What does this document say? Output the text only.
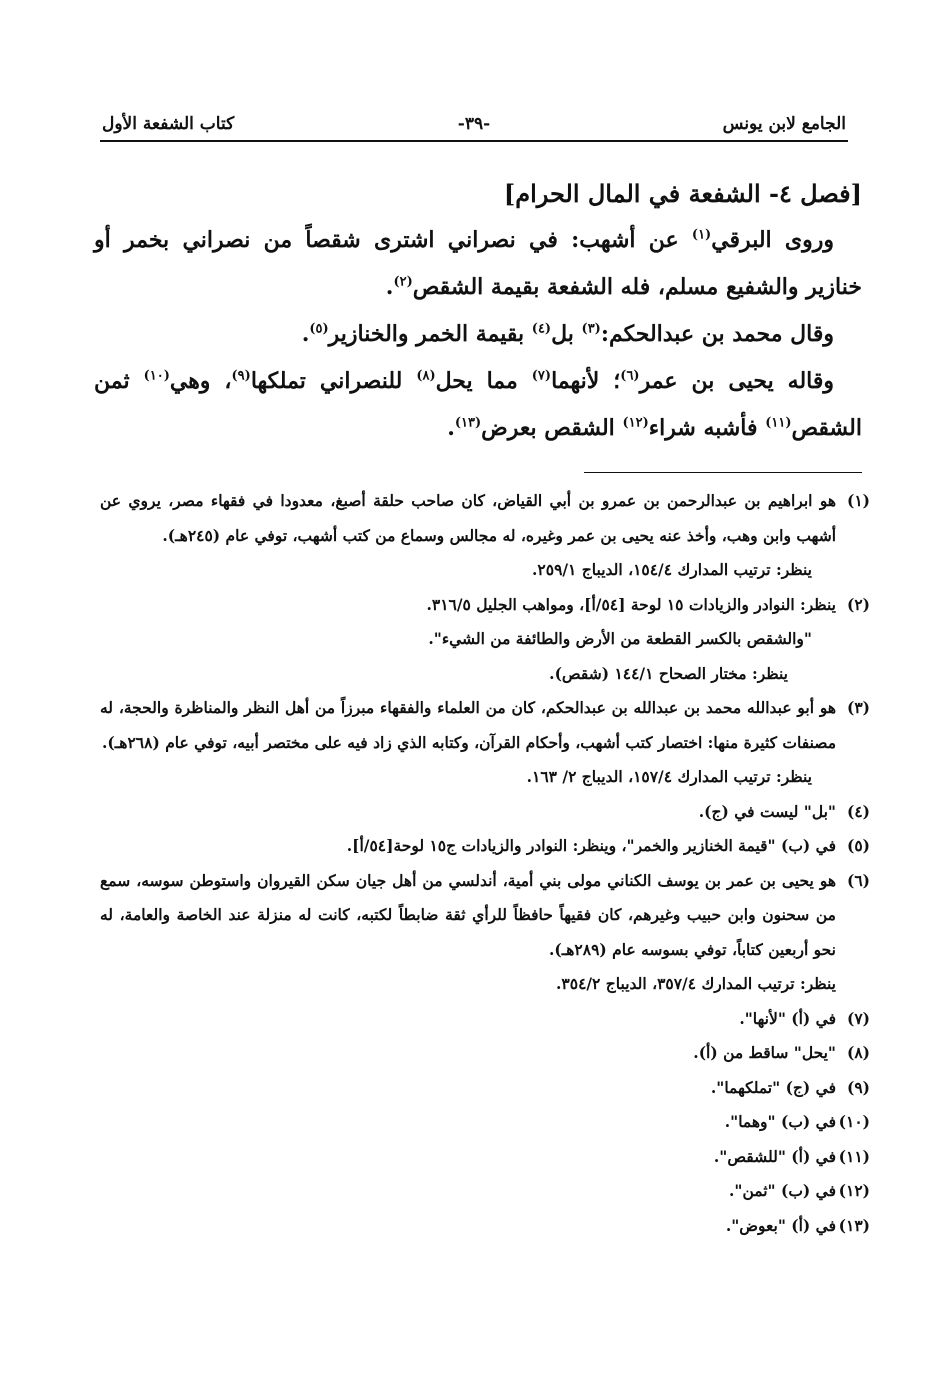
الجامع لابن يونس
-٣٩-
كتاب الشفعة الأول

[فصل ٤- الشفعة في المال الحرام]

وروى البرقي$^{(١)}$ عن أشهب: في نصراني اشترى شقصاً من نصراني بخمر أو خنازير والشفيع مسلم، فله الشفعة بقيمة الشقص$^{(٢)}$.

وقال محمد بن عبدالحكم:$^{(٣)}$ بل$^{(٤)}$ بقيمة الخمر والخنازير$^{(٥)}$.

وقاله يحيى بن عمر$^{(٦)}$؛ لأنهما$^{(٧)}$ مما يحل$^{(٨)}$ للنصراني تملكها$^{(٩)}$، وهي$^{(١٠)}$ ثمن الشقص$^{(١١)}$ فأشبه شراء$^{(١٢)}$ الشقص بعرض$^{(١٣)}$.

(١)
هو ابراهيم بن عبدالرحمن بن عمرو بن أبي القياض، كان صاحب حلقة أصبغ، معدودا في فقهاء مصر، يروي عن أشهب وابن وهب، وأخذ عنه يحيى بن عمر وغيره، له مجالس وسماع من كتب أشهب، توفي عام (٢٤٥هـ).
ينظر: ترتيب المدارك ١٥٤/٤، الديباج ٢٥٩/١.

(٢)
ينظر: النوادر والزيادات ١٥ لوحة [٥٤/أ]، ومواهب الجليل ٣١٦/٥.
"والشقص بالكسر القطعة من الأرض والطائفة من الشيء".
ينظر: مختار الصحاح ١٤٤/١ (شقص).

(٣)
هو أبو عبدالله محمد بن عبدالله بن عبدالحكم، كان من العلماء والفقهاء مبرزاً من أهل النظر والمناظرة والحجة، له مصنفات كثيرة منها: اختصار كتب أشهب، وأحكام القرآن، وكتابه الذي زاد فيه على مختصر أبيه، توفي عام (٢٦٨هـ).
ينظر: ترتيب المدارك ١٥٧/٤، الديباج ٢/ ١٦٣.

(٤)
"بل" ليست في (ج).

(٥)
في (ب) "قيمة الخنازير والخمر"، وينظر: النوادر والزيادات ج١٥ لوحة[٥٤/أ].

(٦)
هو يحيى بن عمر بن يوسف الكناني مولى بني أمية، أندلسي من أهل جيان سكن القيروان واستوطن سوسه، سمع من سحنون وابن حبيب وغيرهم، كان فقيهاً حافظاً للرأي ثقة ضابطاً لكتبه، كانت له منزلة عند الخاصة والعامة، له نحو أربعين كتاباً، توفي بسوسه عام (٢٨٩هـ).
ينظر: ترتيب المدارك ٣٥٧/٤، الديباج ٣٥٤/٢.

(٧)
في (أ) "لأنها".

(٨)
"يحل" ساقط من (أ).

(٩)
في (ج) "تملكهما".

(١٠)
في (ب) "وهما".

(١١)
في (أ) "للشقص".

(١٢)
في (ب) "ثمن".

(١٣)
في (أ) "بعوض".
